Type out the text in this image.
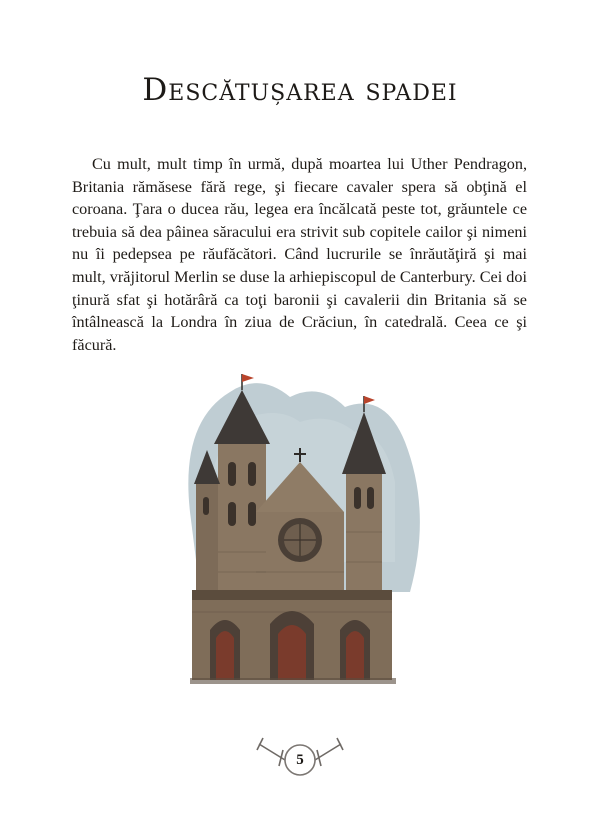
Descătușarea spadei

Cu mult, mult timp în urmă, după moartea lui Uther Pendragon, Britania rămăsese fără rege, şi fiecare cavaler spera să obţină el coroana. Ţara o ducea rău, legea era încălcată peste tot, grăuntele ce trebuia să dea pâinea săracului era strivit sub copitele cailor şi nimeni nu îi pedepsea pe răufăcători. Când lucrurile se înrăutăţiră şi mai mult, vrăjitorul Merlin se duse la arhiepiscopul de Canterbury. Cei doi ţinură sfat şi hotărâră ca toţi baronii şi cavalerii din Britania să se întâlnească la Londra în ziua de Crăciun, în catedrală. Ceea ce şi făcură.

5
